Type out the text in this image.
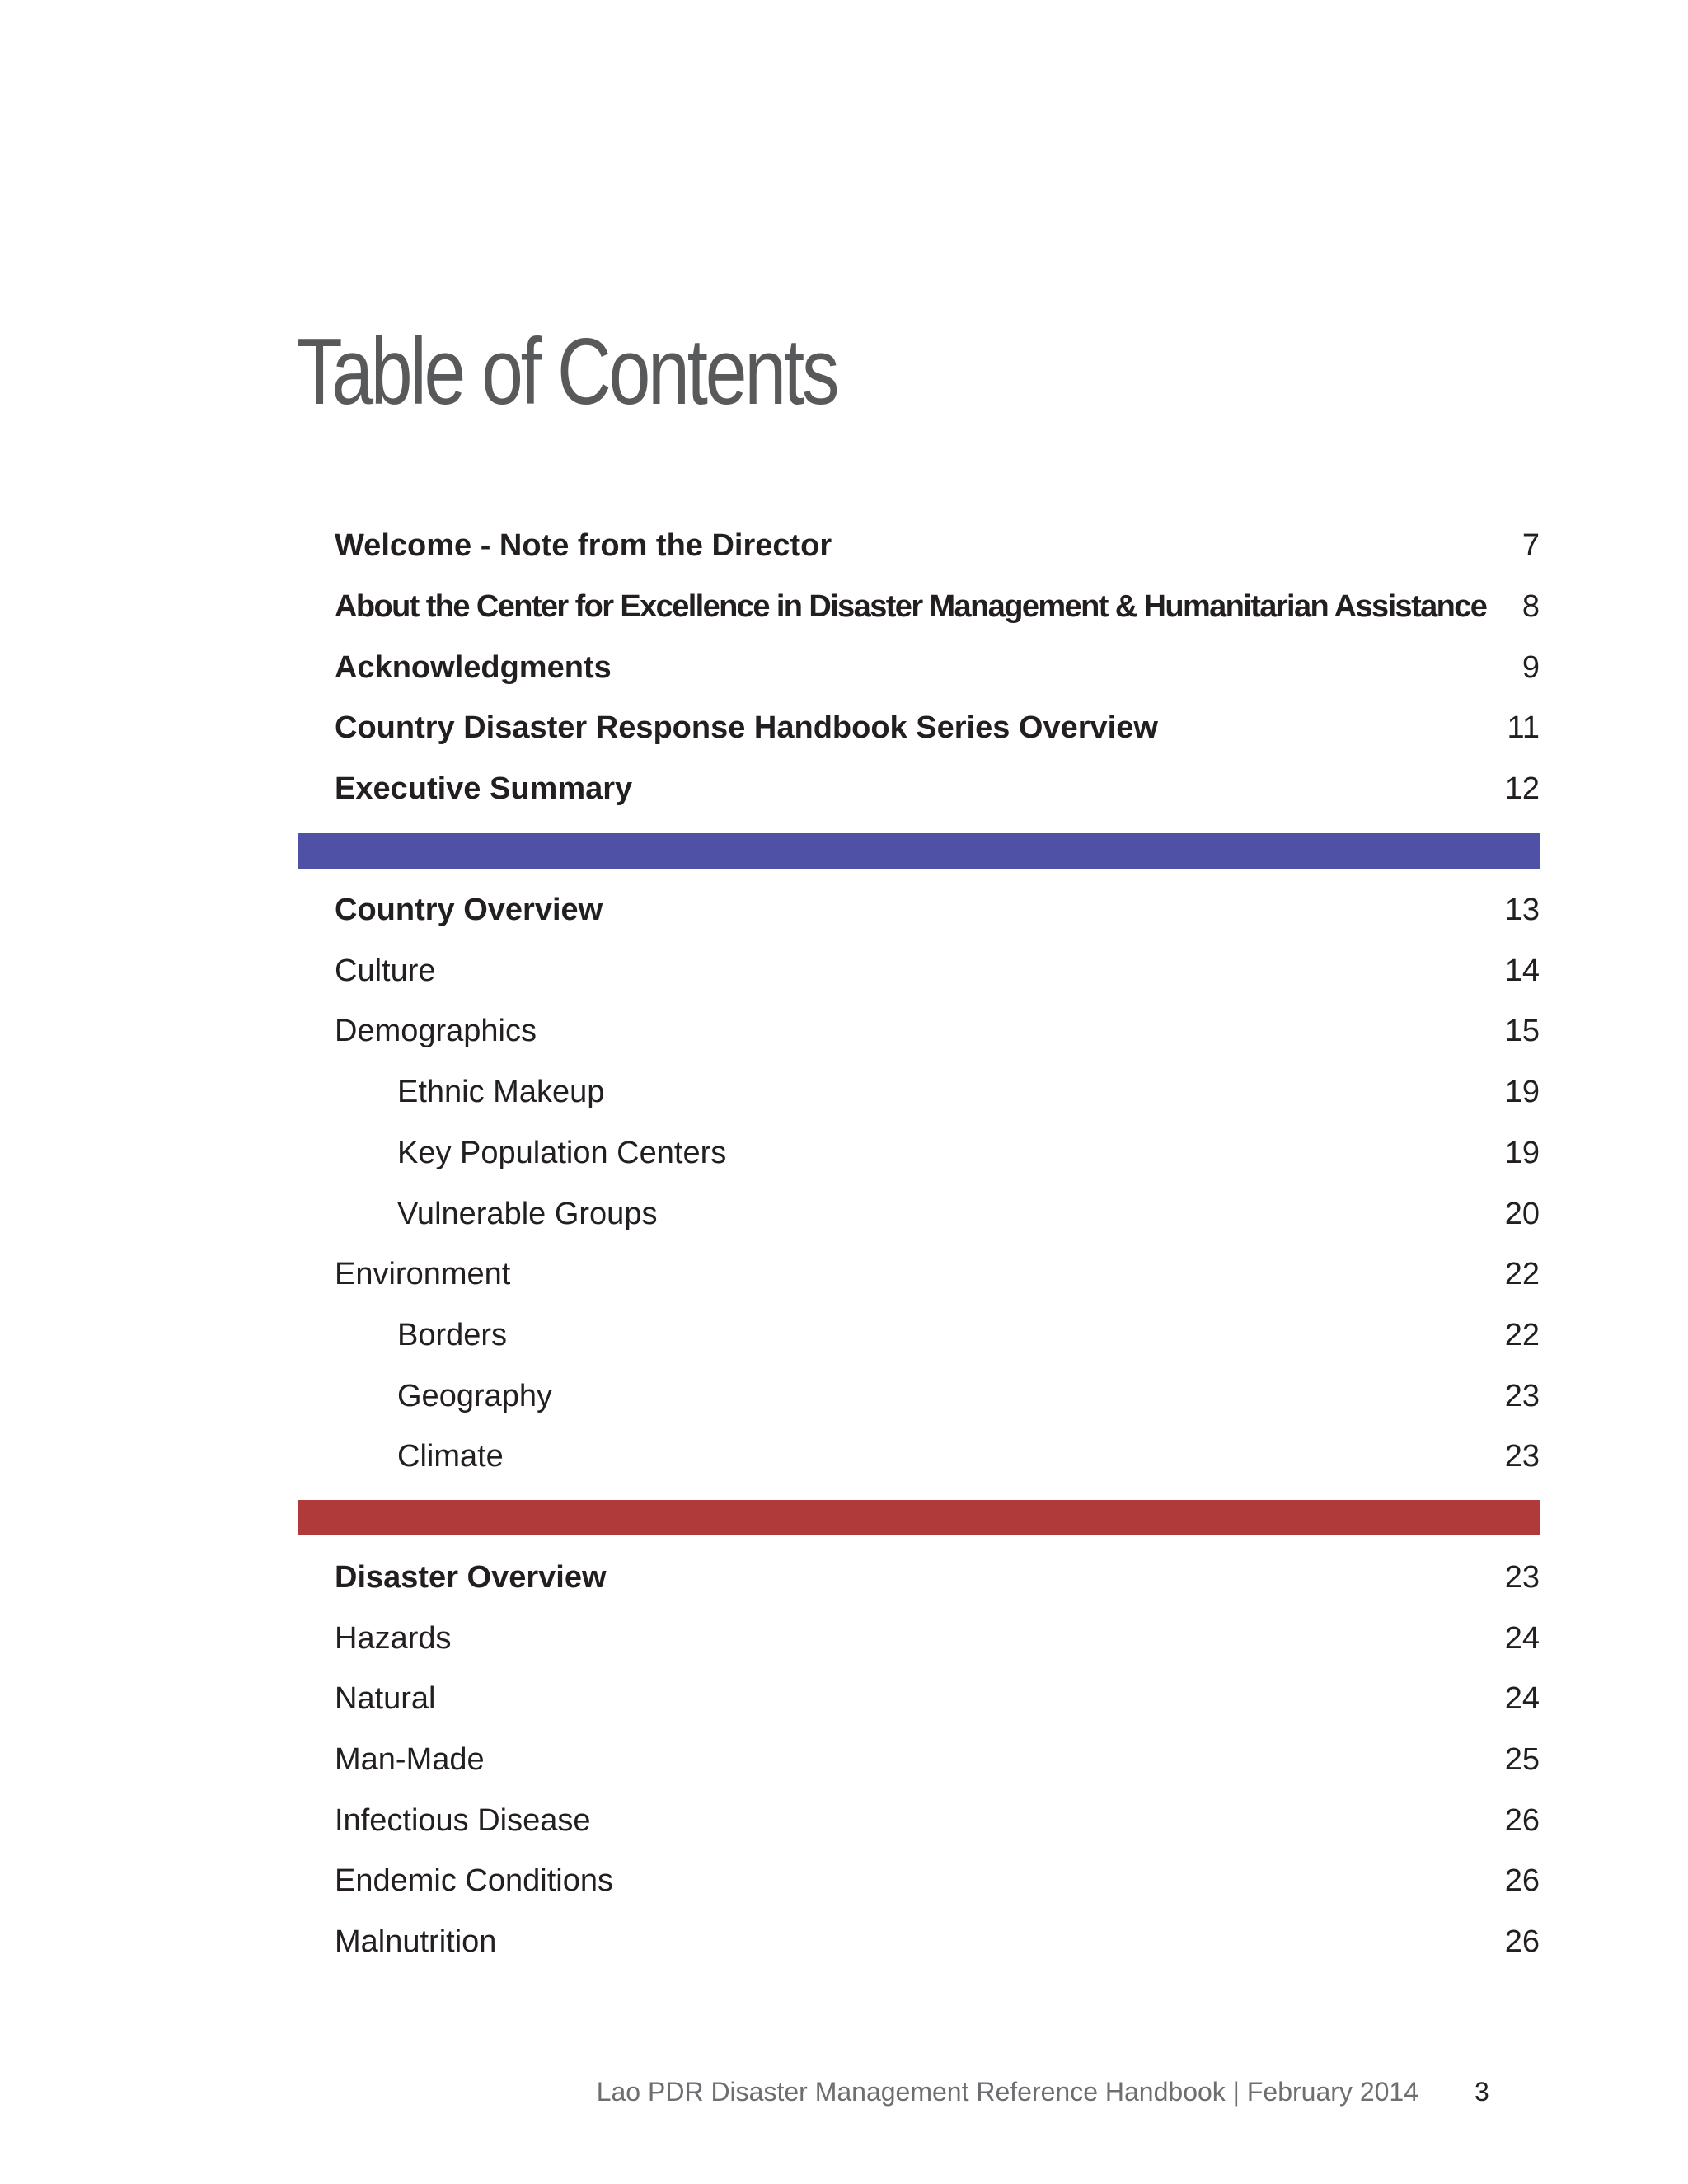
Table of Contents
Welcome - Note from the Director	7
About the Center for Excellence in Disaster Management & Humanitarian Assistance 8
Acknowledgments	9
Country Disaster Response Handbook Series Overview	11
Executive Summary	12
Country Overview	13
Culture	14
Demographics	15
Ethnic Makeup	19
Key Population Centers	19
Vulnerable Groups	20
Environment	22
Borders	22
Geography	23
Climate	23
Disaster Overview	23
Hazards	24
Natural	24
Man-Made	25
Infectious Disease	26
Endemic Conditions	26
Malnutrition	26
Lao PDR Disaster Management Reference Handbook | February 2014 3
